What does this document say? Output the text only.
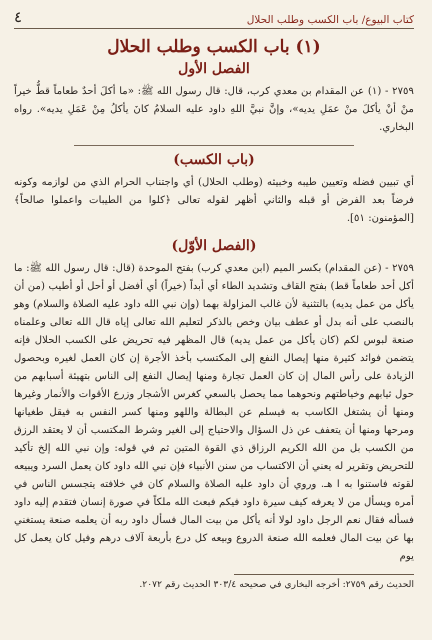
كتاب البيوع/ باب الكسب وطلب الحلال
٤
(١) باب الكسب وطلب الحلال
الفصل الأول

٢٧٥٩ - (١) عن المقدام بن معدي كرب، قال: قال رسول الله ﷺ: «ما أكلَ أحدٌ طعاماً قطُّ خيراً منْ أنْ يأكلَ منْ عمَلِ يديه»، وإنَّ نبيَّ اللهِ داود عليه السلامُ كانَ يأكلُ مِنْ عَمَلِ يديه». رواه البخاري.

(باب الكسب)

أي تبيين فضله وتعيين طيبه وخبيثه (وطلب الحلال) أي واجتناب الحرام الذي من لوازمه وكونه فرضاً بعد الفرض أو قبله والثاني أظهر لقوله تعالى ﴿كلوا من الطيبات واعملوا صالحاً﴾ [المؤمنون: ٥١].

(الفصل الأوّل)

٢٧٥٩ - (عن المقدام) بكسر الميم (ابن معدي كرب) بفتح الموحدة (قال: قال رسول الله ﷺ: ما أكل أحد طعاماً قط) بفتح القاف وتشديد الطاء أي أبداً (خيراً) أي أفضل أو أحل أو أطيب (من أن يأكل من عمل يديه) بالتثنية لأن غالب المزاولة بهما (وإن نبي الله داود عليه الصلاة والسلام) وهو بالنصب على أنه بدل أو عطف بيان وخص بالذكر لتعليم الله تعالى إياه قال الله تعالى وعلمناه صنعة لبوس لكم (كان يأكل من عمل يديه) قال المظهر فيه تحريض على الكسب الحلال فإنه يتضمن فوائد كثيرة منها إيصال النفع إلى المكتسب بأخذ الأجرة إن كان العمل لغيره وبحصول الزيادة على رأس المال إن كان العمل تجارة ومنها إيصال النفع إلى الناس بتهيئة أسبابهم من حول ثيابهم وخياطتهم ونحوهما مما يحصل بالسعي كغرس الأشجار وزرع الأقوات والأنمار وغيرها ومنها أن يشتغل الكاسب به فيسلم عن البطالة واللهو ومنها كسر النفس به فيقل طغيانها ومرحها ومنها أن يتعفف عن ذل السؤال والاحتياج إلى الغير وشرط المكتسب أن لا يعتقد الرزق من الكسب بل من الله الكريم الرزاق ذي القوة المتين ثم في قوله: وإن نبي الله إلخ تأكيد للتحريض وتقرير له يعني أن الاكتساب من سنن الأنبياء فإن نبي الله داود كان يعمل السرد ويبيعه لقوته فاستنوا به ا هـ. وروي أن داود عليه الصلاة والسلام كان في خلافته يتجسس الناس في أمره ويسأل من لا يعرفه كيف سيرة داود فيكم فبعث الله ملكاً في صورة إنسان فتقدم إليه داود فسأله فقال نعم الرجل داود لولا أنه يأكل من بيت المال فسأل داود ربه أن يعلمه صنعة يستغني بها عن بيت المال فعلمه الله صنعة الدروع وبيعه كل درع بأربعة آلاف درهم وفيل كان يعمل كل يوم

الحديث رقم ٢٧٥٩: أخرجه البخاري في صحيحه ٣٠٣/٤ الحديث رقم ٢٠٧٢.
